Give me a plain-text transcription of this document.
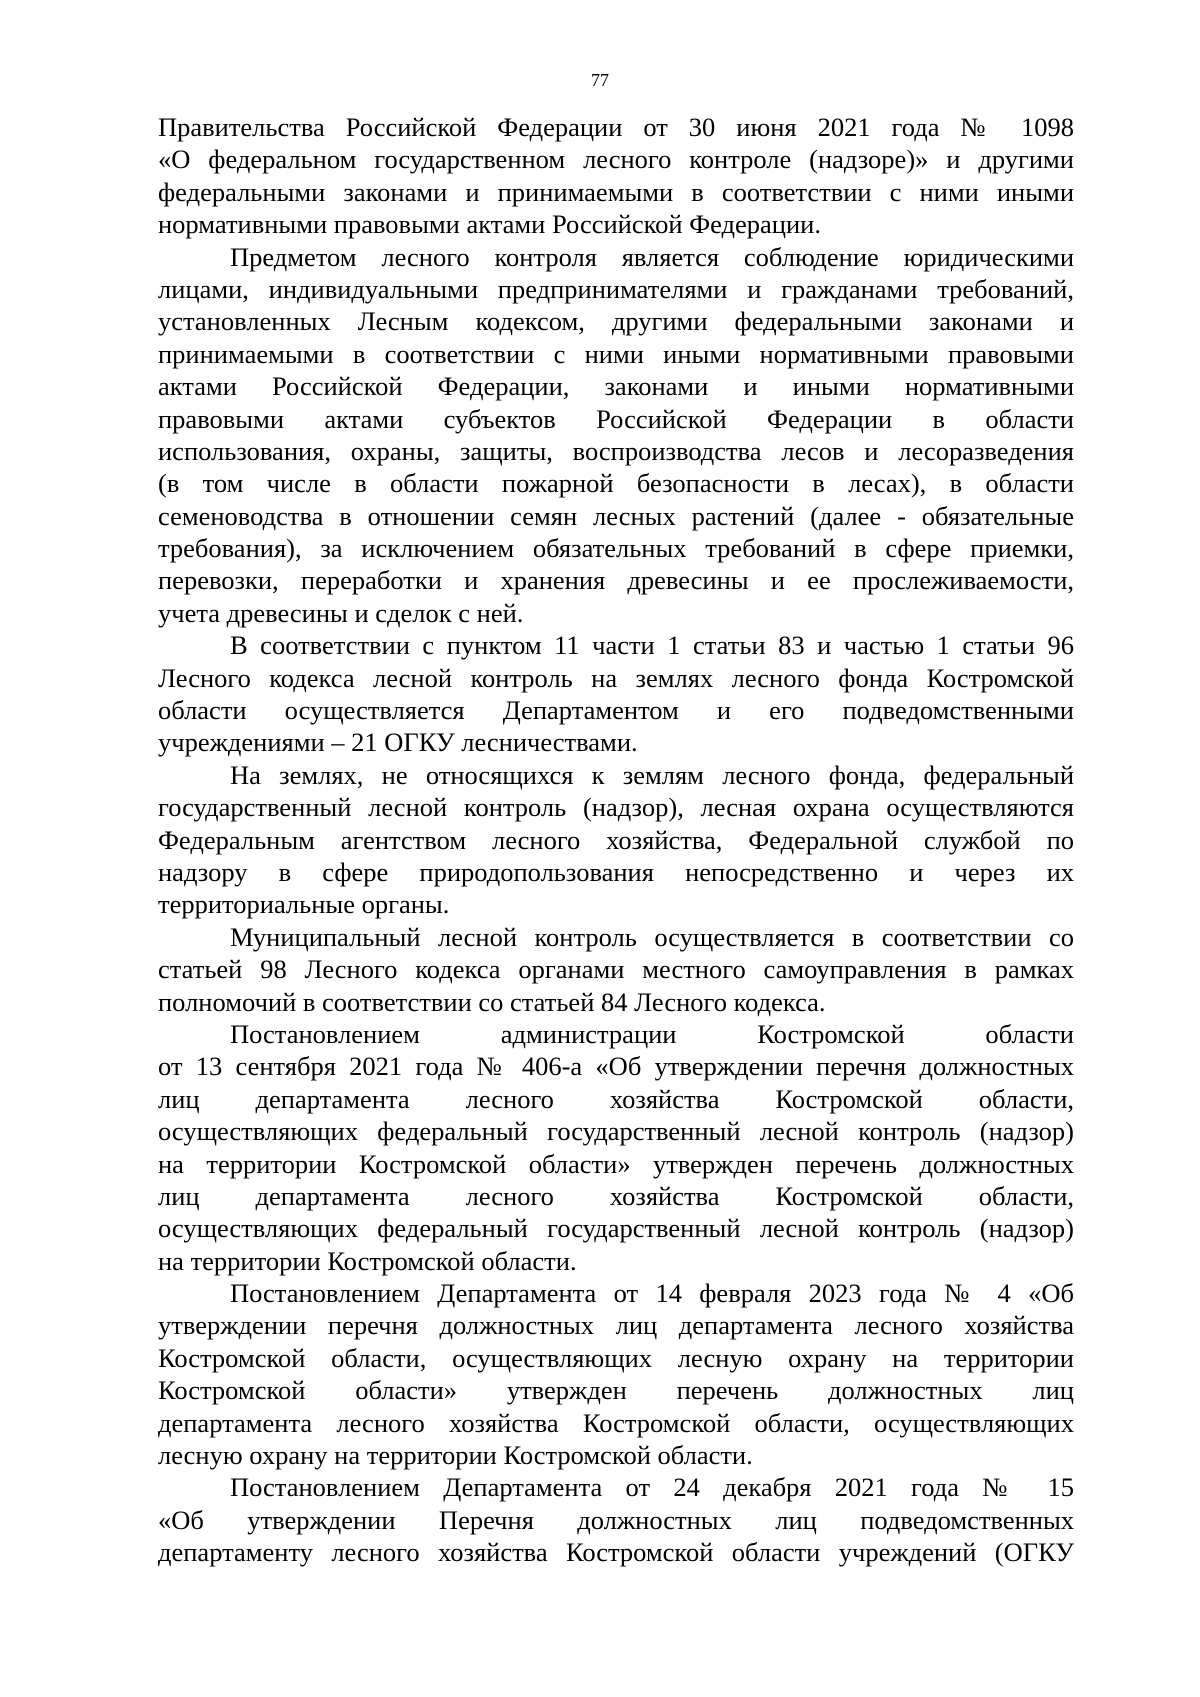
77
Правительства Российской Федерации от 30 июня 2021 года № 1098
«О федеральном государственном лесного контроле (надзоре)» и другими
федеральными законами и принимаемыми в соответствии с ними иными
нормативными правовыми актами Российской Федерации.
Предметом лесного контроля является соблюдение юридическими
лицами, индивидуальными предпринимателями и гражданами требований,
установленных Лесным кодексом, другими федеральными законами и
принимаемыми в соответствии с ними иными нормативными правовыми
актами Российской Федерации, законами и иными нормативными
правовыми актами субъектов Российской Федерации в области
использования, охраны, защиты, воспроизводства лесов и лесоразведения
(в том числе в области пожарной безопасности в лесах), в области
семеноводства в отношении семян лесных растений (далее - обязательные
требования), за исключением обязательных требований в сфере приемки,
перевозки, переработки и хранения древесины и ее прослеживаемости,
учета древесины и сделок с ней.
В соответствии с пунктом 11 части 1 статьи 83 и частью 1 статьи 96
Лесного кодекса лесной контроль на землях лесного фонда Костромской
области осуществляется Департаментом и его подведомственными
учреждениями – 21 ОГКУ лесничествами.
На землях, не относящихся к землям лесного фонда, федеральный
государственный лесной контроль (надзор), лесная охрана осуществляются
Федеральным агентством лесного хозяйства, Федеральной службой по
надзору в сфере природопользования непосредственно и через их
территориальные органы.
Муниципальный лесной контроль осуществляется в соответствии со
статьей 98 Лесного кодекса органами местного самоуправления в рамках
полномочий в соответствии со статьей 84 Лесного кодекса.
Постановлением администрации Костромской области
от 13 сентября 2021 года № 406-а «Об утверждении перечня должностных
лиц департамента лесного хозяйства Костромской области,
осуществляющих федеральный государственный лесной контроль (надзор)
на территории Костромской области» утвержден перечень должностных
лиц департамента лесного хозяйства Костромской области,
осуществляющих федеральный государственный лесной контроль (надзор)
на территории Костромской области.
Постановлением Департамента от 14 февраля 2023 года № 4 «Об
утверждении перечня должностных лиц департамента лесного хозяйства
Костромской области, осуществляющих лесную охрану на территории
Костромской области» утвержден перечень должностных лиц
департамента лесного хозяйства Костромской области, осуществляющих
лесную охрану на территории Костромской области.
Постановлением Департамента от 24 декабря 2021 года № 15
«Об утверждении Перечня должностных лиц подведомственных
департаменту лесного хозяйства Костромской области учреждений (ОГКУ
